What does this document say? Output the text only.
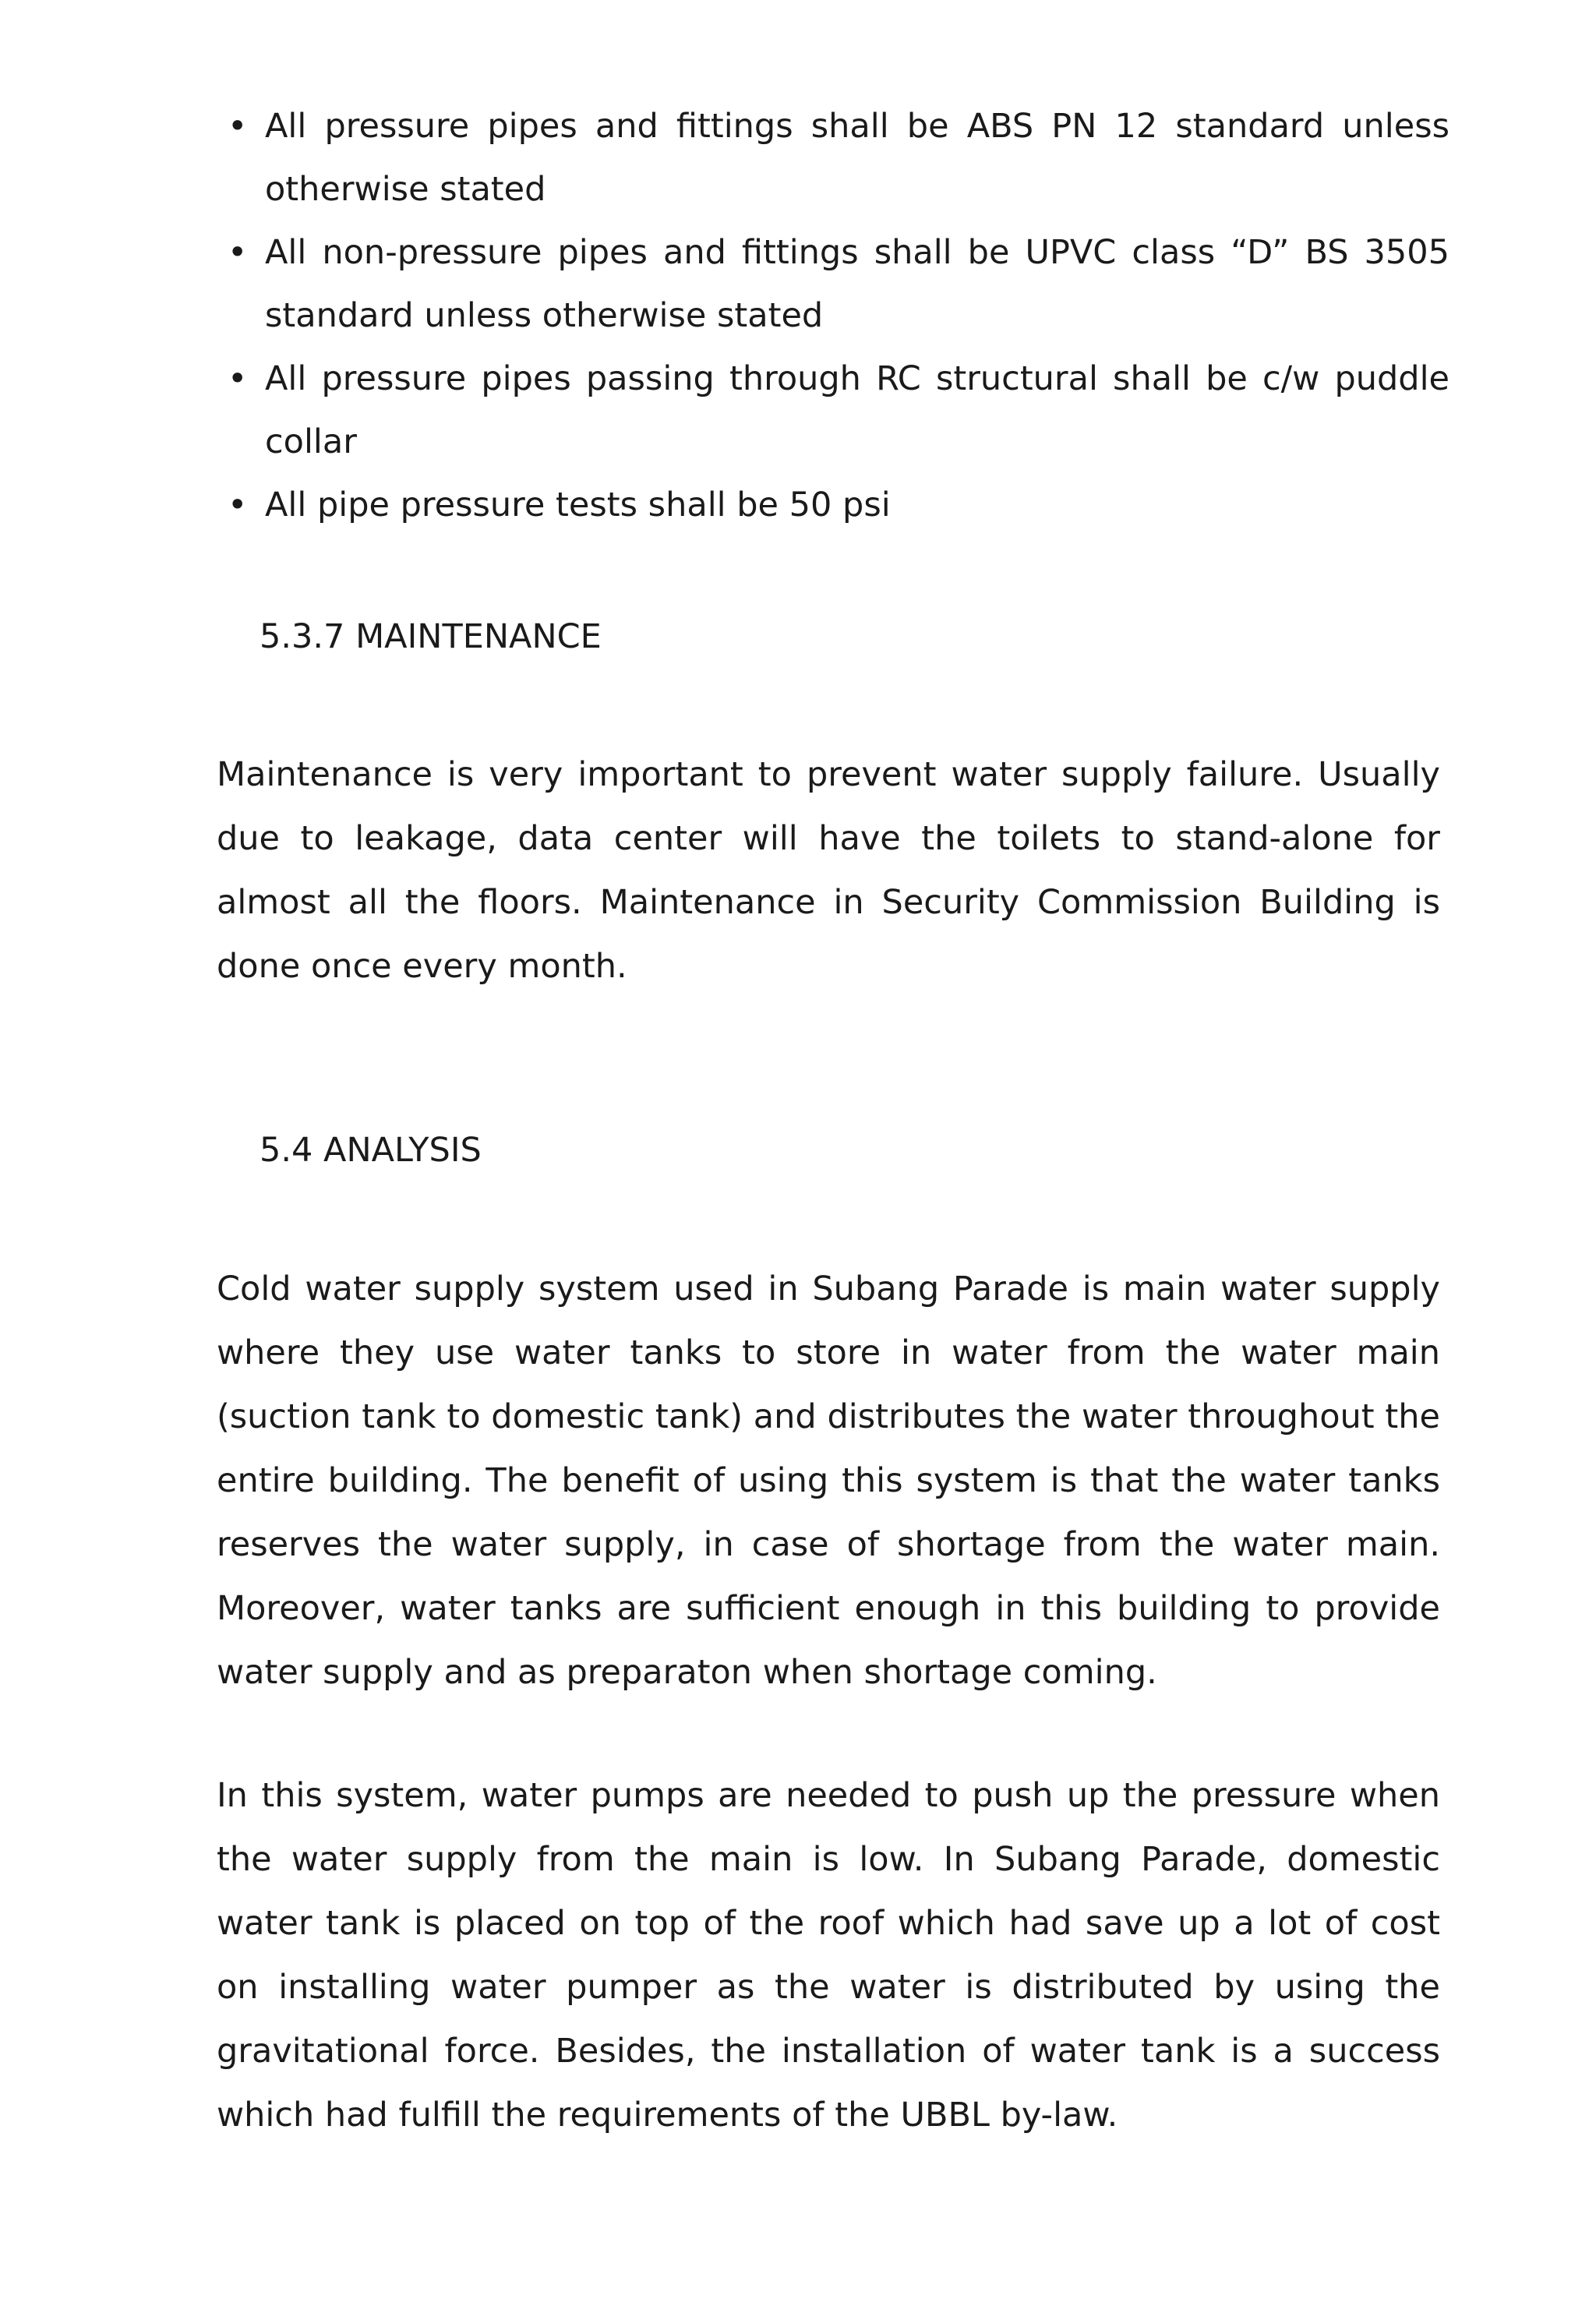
• All pressure pipes and fittings shall be ABS PN 12 standard unless otherwise stated
• All non-pressure pipes and fittings shall be UPVC class “D” BS 3505 standard unless otherwise stated
• All pressure pipes passing through RC structural shall be c/w puddle collar
• All pipe pressure tests shall be 50 psi
5.3.7 MAINTENANCE

Maintenance is very important to prevent water supply failure. Usually due to leakage, data center will have the toilets to stand-alone for almost all the floors. Maintenance in Security Commission Building is done once every month.

5.4 ANALYSIS

Cold water supply system used in Subang Parade is main water supply where they use water tanks to store in water from the water main (suction tank to domestic tank) and distributes the water throughout the entire building. The benefit of using this system is that the water tanks reserves the water supply, in case of shortage from the water main. Moreover, water tanks are sufficient enough in this building to provide water supply and as preparaton when shortage coming.

In this system, water pumps are needed to push up the pressure when the water supply from the main is low. In Subang Parade, domestic water tank is placed on top of the roof which had save up a lot of cost on installing water pumper as the water is distributed by using the gravitational force. Besides, the installation of water tank is a success which had fulfill the requirements of the UBBL by-law.
